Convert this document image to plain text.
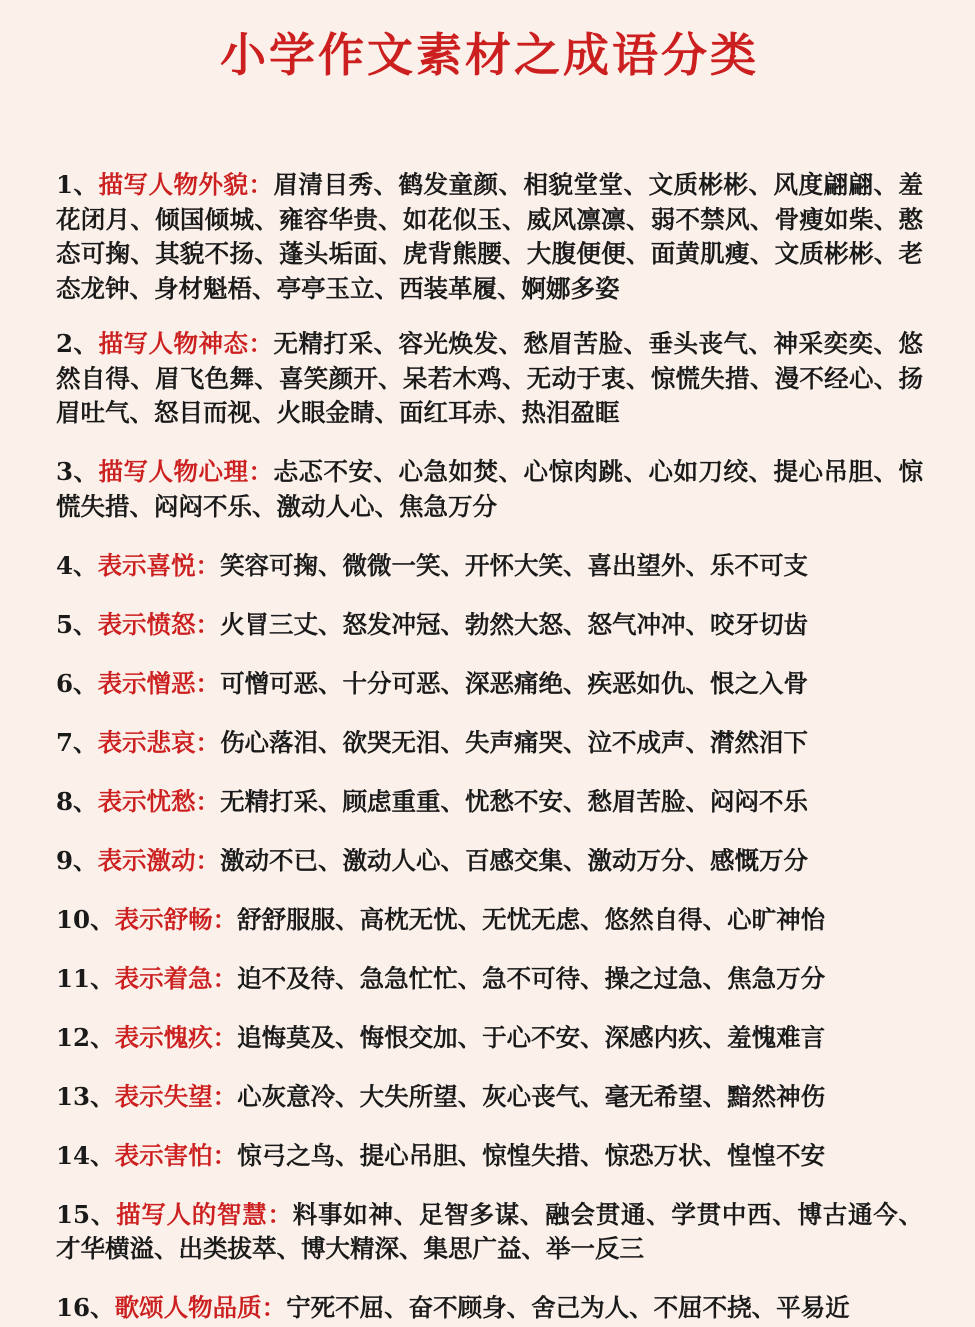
小学作文素材之成语分类

1、描写人物外貌：眉清目秀、鹤发童颜、相貌堂堂、文质彬彬、风度翩翩、羞花闭月、倾国倾城、雍容华贵、如花似玉、威风凛凛、弱不禁风、骨瘦如柴、憨态可掬、其貌不扬、蓬头垢面、虎背熊腰、大腹便便、面黄肌瘦、文质彬彬、老态龙钟、身材魁梧、亭亭玉立、西装革履、婀娜多姿

2、描写人物神态：无精打采、容光焕发、愁眉苦脸、垂头丧气、神采奕奕、悠然自得、眉飞色舞、喜笑颜开、呆若木鸡、无动于衷、惊慌失措、漫不经心、扬眉吐气、怒目而视、火眼金睛、面红耳赤、热泪盈眶

3、描写人物心理：忐忑不安、心急如焚、心惊肉跳、心如刀绞、提心吊胆、惊慌失措、闷闷不乐、激动人心、焦急万分

4、表示喜悦：笑容可掬、微微一笑、开怀大笑、喜出望外、乐不可支

5、表示愤怒：火冒三丈、怒发冲冠、勃然大怒、怒气冲冲、咬牙切齿

6、表示憎恶：可憎可恶、十分可恶、深恶痛绝、疾恶如仇、恨之入骨

7、表示悲哀：伤心落泪、欲哭无泪、失声痛哭、泣不成声、潸然泪下

8、表示忧愁：无精打采、顾虑重重、忧愁不安、愁眉苦脸、闷闷不乐

9、表示激动：激动不已、激动人心、百感交集、激动万分、感慨万分

10、表示舒畅：舒舒服服、高枕无忧、无忧无虑、悠然自得、心旷神怡

11、表示着急：迫不及待、急急忙忙、急不可待、操之过急、焦急万分

12、表示愧疚：追悔莫及、悔恨交加、于心不安、深感内疚、羞愧难言

13、表示失望：心灰意冷、大失所望、灰心丧气、毫无希望、黯然神伤

14、表示害怕：惊弓之鸟、提心吊胆、惊惶失措、惊恐万状、惶惶不安

15、描写人的智慧：料事如神、足智多谋、融会贯通、学贯中西、博古通今、才华横溢、出类拔萃、博大精深、集思广益、举一反三

16、歌颂人物品质：宁死不屈、奋不顾身、舍己为人、不屈不挠、平易近
